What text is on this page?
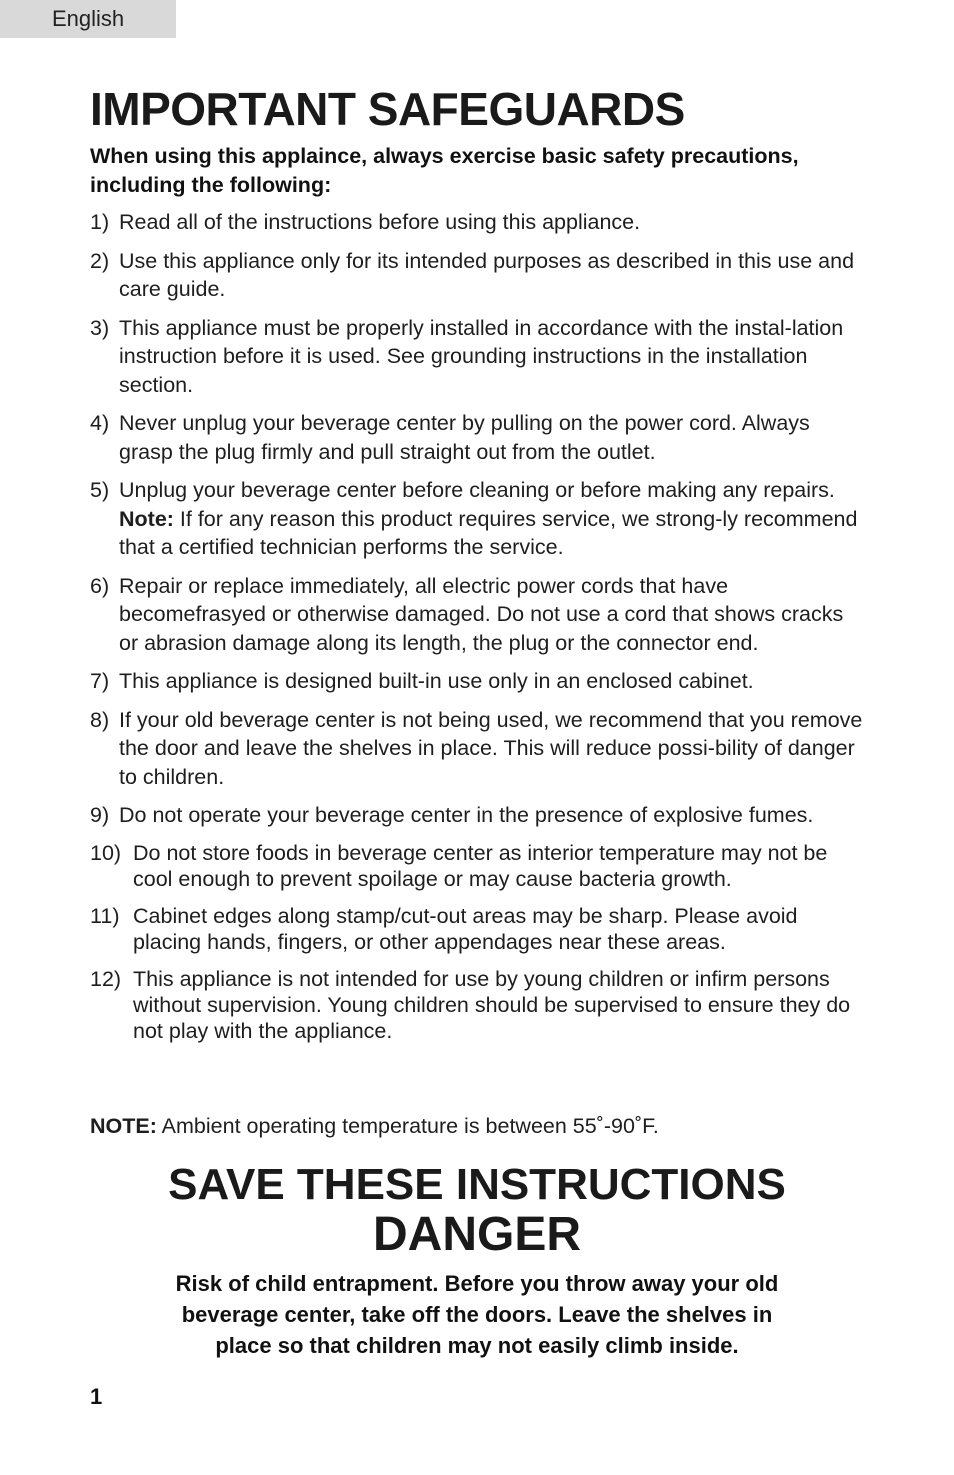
English
IMPORTANT SAFEGUARDS

When using this applaince, always exercise basic safety precautions, including the following:

1) Read all of the instructions before using this appliance.
2) Use this appliance only for its intended purposes as described in this use and care guide.
3) This appliance must be properly installed in accordance with the instal-lation instruction before it is used. See grounding instructions in the installation section.
4) Never unplug your beverage center by pulling on the power cord. Always grasp the plug firmly and pull straight out from the outlet.
5) Unplug your beverage center before cleaning or before making any repairs. Note: If for any reason this product requires service, we strong-ly recommend that a certified technician performs the service.
6) Repair or replace immediately, all electric power cords that have becomefrasyed or otherwise damaged. Do not use a cord that shows cracks or abrasion damage along its length, the plug or the connector end.
7) This appliance is designed built-in use only in an enclosed cabinet.
8) If your old beverage center is not being used, we recommend that you remove the door and leave the shelves in place. This will reduce possi-bility of danger to children.
9) Do not operate your beverage center in the presence of explosive fumes.
10) Do not store foods in beverage center as interior temperature may not be cool enough to prevent spoilage or may cause bacteria growth.
11) Cabinet edges along stamp/cut-out areas may be sharp. Please avoid placing hands, fingers, or other appendages near these areas.
12) This appliance is not intended for use by young children or infirm persons without supervision. Young children should be supervised to ensure they do not play with the appliance.

NOTE: Ambient operating temperature is between 55˚-90˚F.

SAVE THESE INSTRUCTIONS
DANGER

Risk of child entrapment. Before you throw away your old
beverage center, take off the doors. Leave the shelves in
place so that children may not easily climb inside.

1
